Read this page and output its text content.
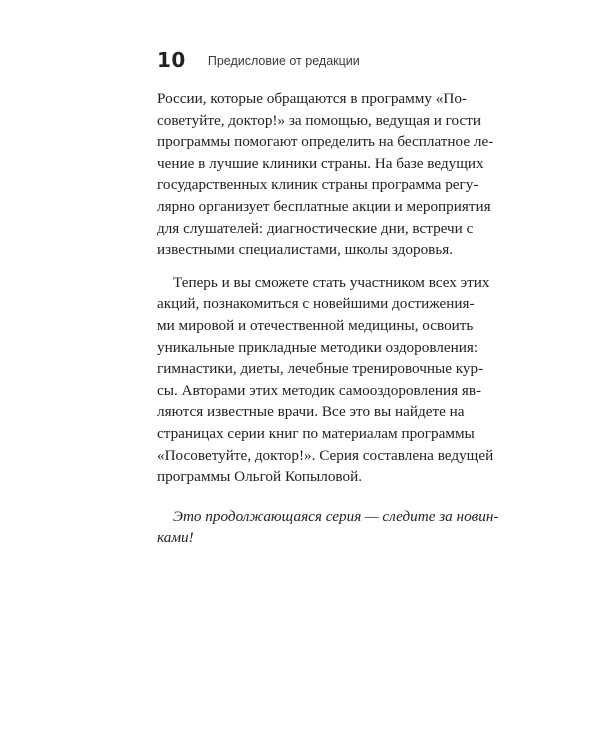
10 Предисловие от редакции
России, которые обращаются в программу «По-
советуйте, доктор!» за помощью, ведущая и гости
программы помогают определить на бесплатное ле-
чение в лучшие клиники страны. На базе ведущих
государственных клиник страны программа регу-
лярно организует бесплатные акции и мероприятия
для слушателей: диагностические дни, встречи с
известными специалистами, школы здоровья.
Теперь и вы сможете стать участником всех этих
акций, познакомиться с новейшими достижения-
ми мировой и отечественной медицины, освоить
уникальные прикладные методики оздоровления:
гимнастики, диеты, лечебные тренировочные кур-
сы. Авторами этих методик самооздоровления яв-
ляются известные врачи. Все это вы найдете на
страницах серии книг по материалам программы
«Посоветуйте, доктор!». Серия составлена ведущей
программы Ольгой Копыловой.
Это продолжающаяся серия — следите за новин-
ками!
